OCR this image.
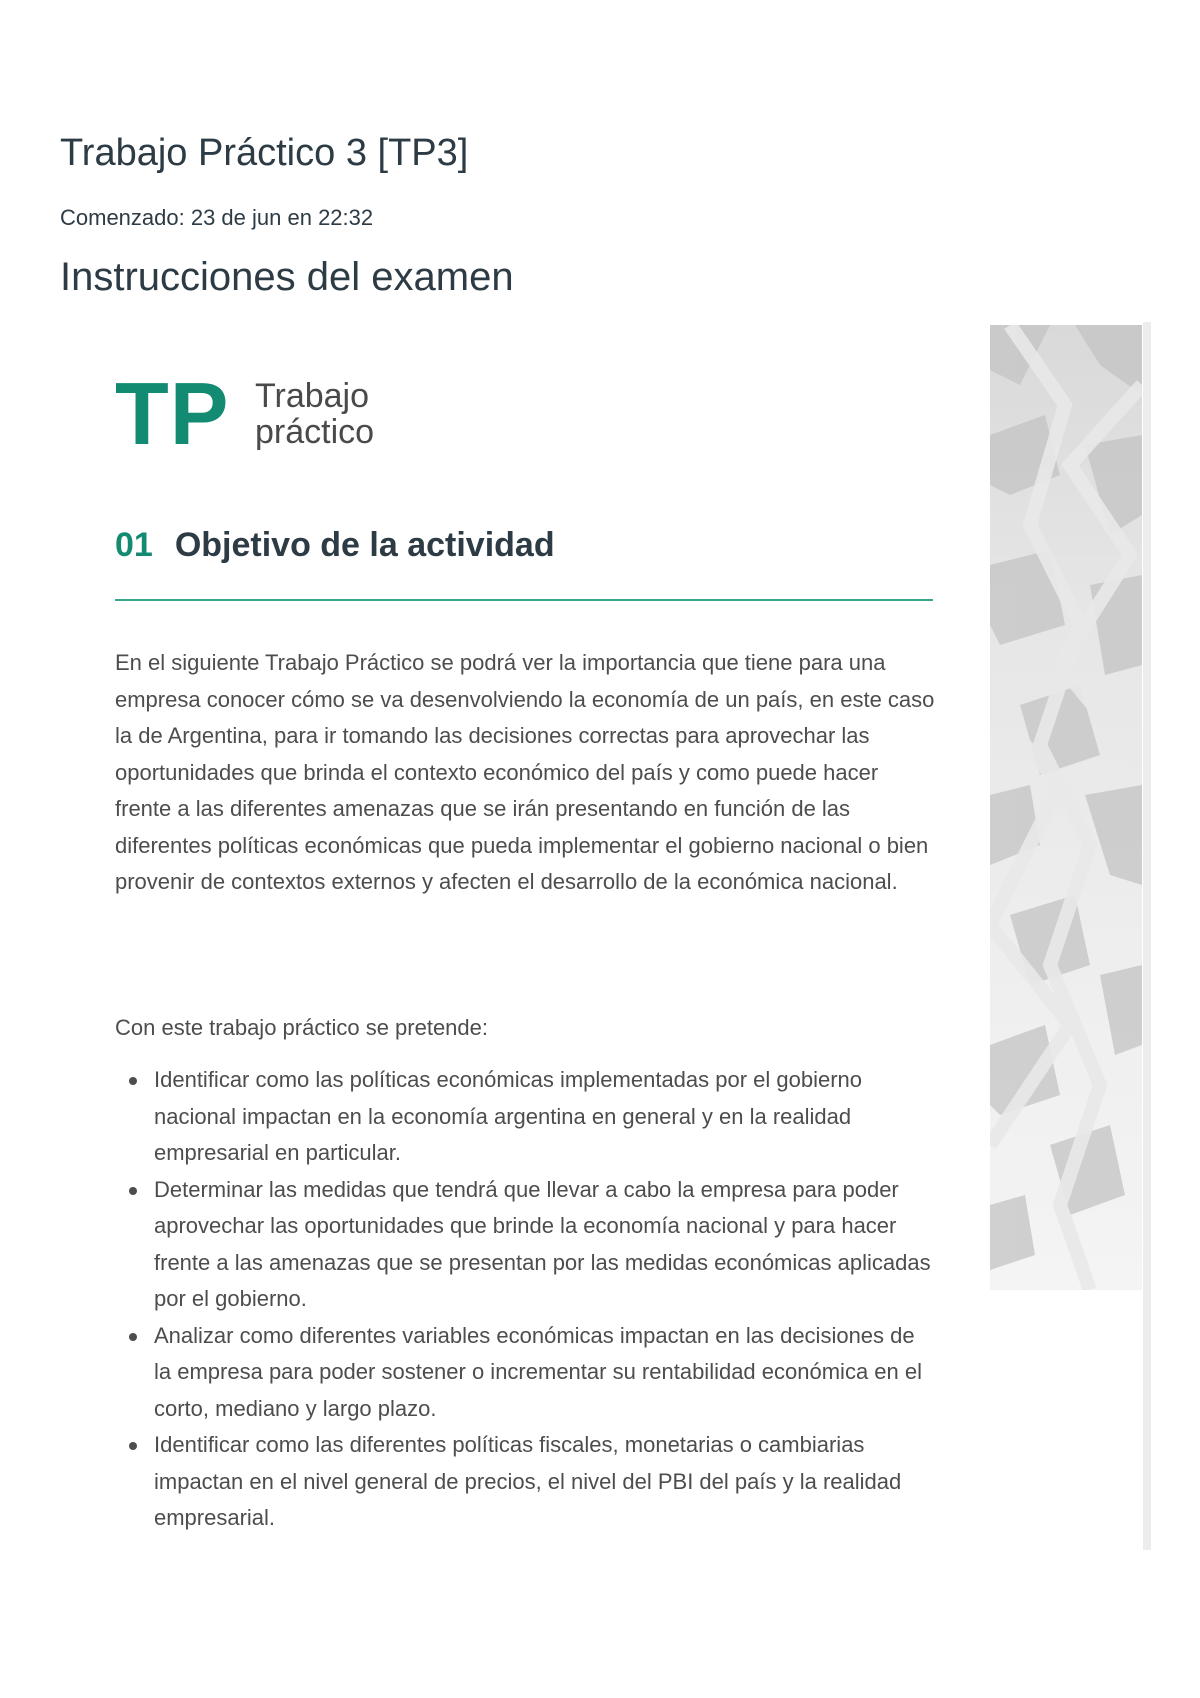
Trabajo Práctico 3 [TP3]
Comenzado: 23 de jun en 22:32
Instrucciones del examen
TP Trabajo
práctico
01 Objetivo de la actividad

En el siguiente Trabajo Práctico se podrá ver la importancia que tiene para una empresa conocer cómo se va desenvolviendo la economía de un país, en este caso la de Argentina, para ir tomando las decisiones correctas para aprovechar las oportunidades que brinda el contexto económico del país y como puede hacer frente a las diferentes amenazas que se irán presentando en función de las diferentes políticas económicas que pueda implementar el gobierno nacional o bien provenir de contextos externos y afecten el desarrollo de la económica nacional.

Con este trabajo práctico se pretende:

Identificar como las políticas económicas implementadas por el gobierno nacional impactan en la economía argentina en general y en la realidad empresarial en particular.
Determinar las medidas que tendrá que llevar a cabo la empresa para poder aprovechar las oportunidades que brinde la economía nacional y para hacer frente a las amenazas que se presentan por las medidas económicas aplicadas por el gobierno.
Analizar como diferentes variables económicas impactan en las decisiones de la empresa para poder sostener o incrementar su rentabilidad económica en el corto, mediano y largo plazo.
Identificar como las diferentes políticas fiscales, monetarias o cambiarias impactan en el nivel general de precios, el nivel del PBI del país y la realidad empresarial.
